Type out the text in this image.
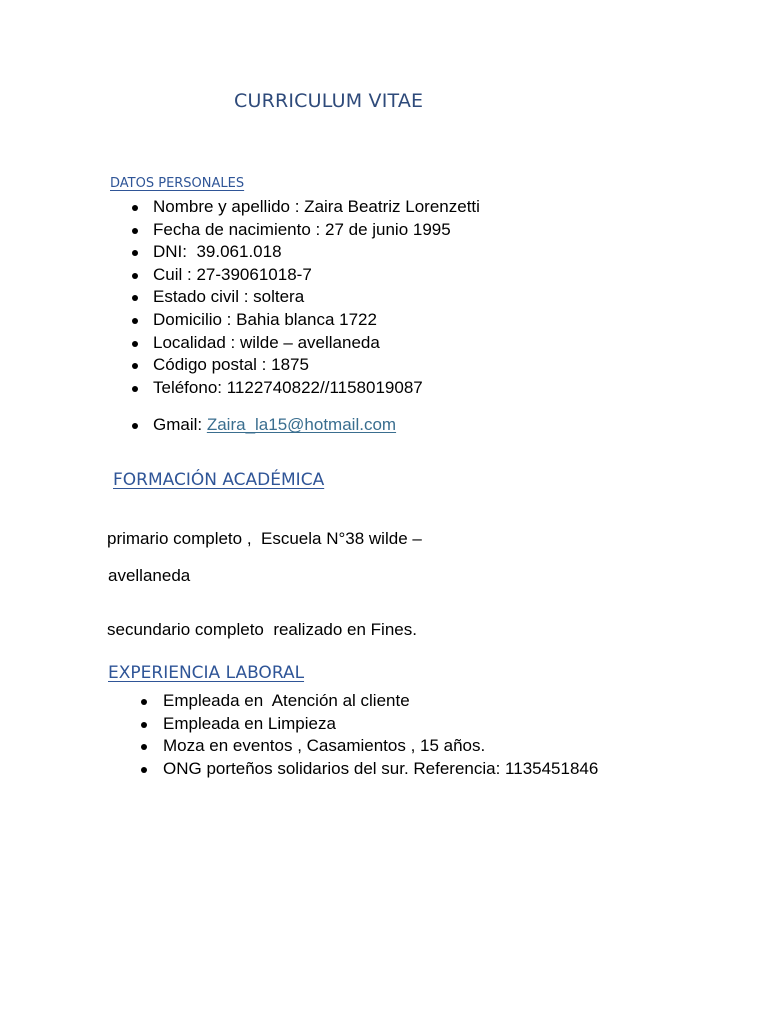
CURRICULUM VITAE
DATOS PERSONALES
Nombre y apellido : Zaira Beatriz Lorenzetti
Fecha de nacimiento : 27 de junio 1995
DNI:  39.061.018
Cuil : 27-39061018-7
Estado civil : soltera
Domicilio : Bahia blanca 1722
Localidad : wilde – avellaneda
Código postal : 1875
Teléfono: 1122740822//1158019087
Gmail: Zaira_la15@hotmail.com
FORMACIÓN ACADÉMICA
primario completo ,  Escuela N°38 wilde –
avellaneda
secundario completo  realizado en Fines.
EXPERIENCIA LABORAL
Empleada en  Atención al cliente
Empleada en Limpieza
Moza en eventos , Casamientos , 15 años.
ONG porteños solidarios del sur. Referencia: 1135451846
